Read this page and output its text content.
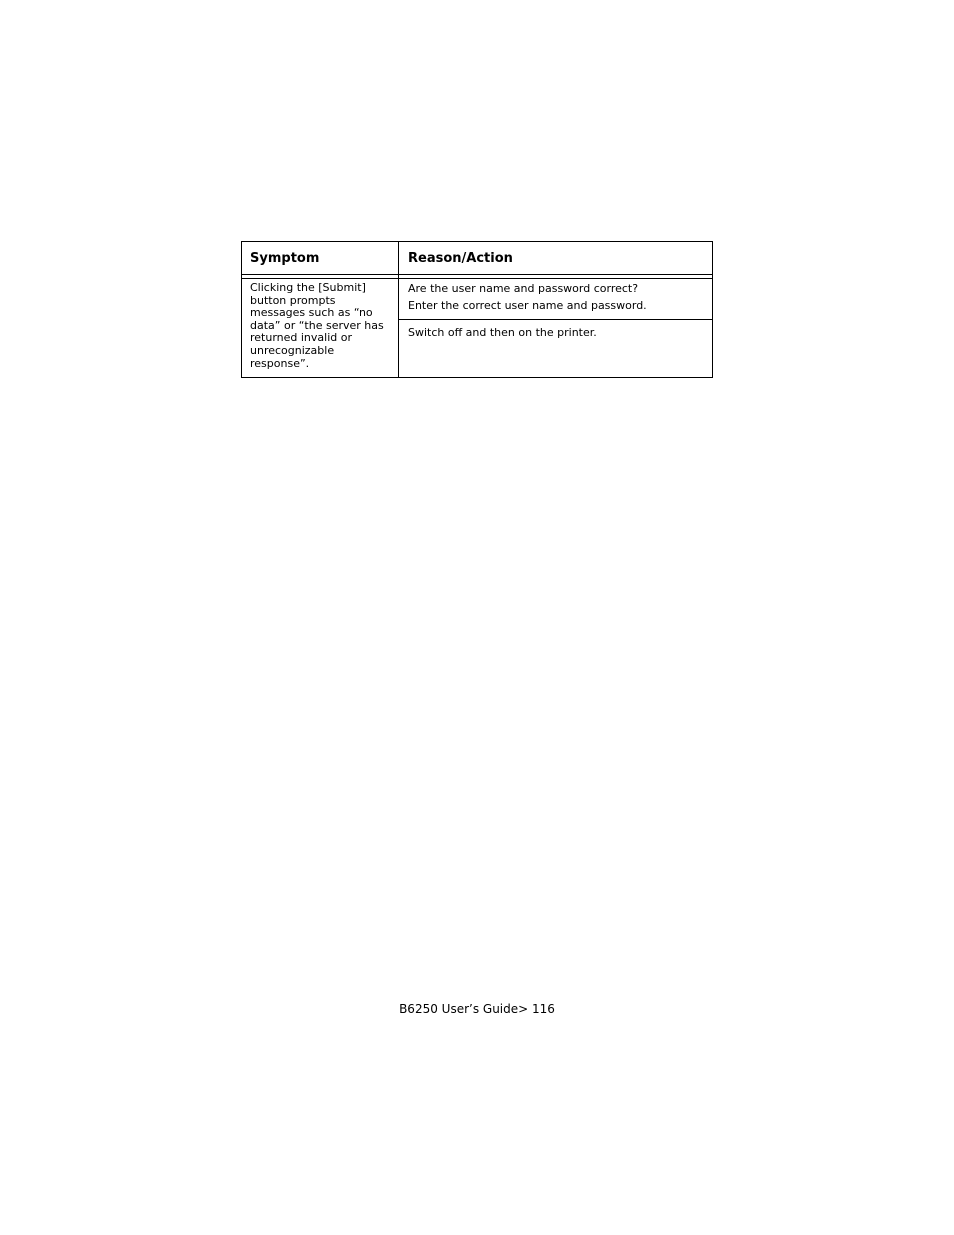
Symptom	Reason/Action
Clicking the [Submit] button prompts messages such as “no data” or “the server has returned invalid or unrecognizable response”.
Are the user name and password correct?
Enter the correct user name and password.
Switch off and then on the printer.
B6250 User’s Guide> 116
